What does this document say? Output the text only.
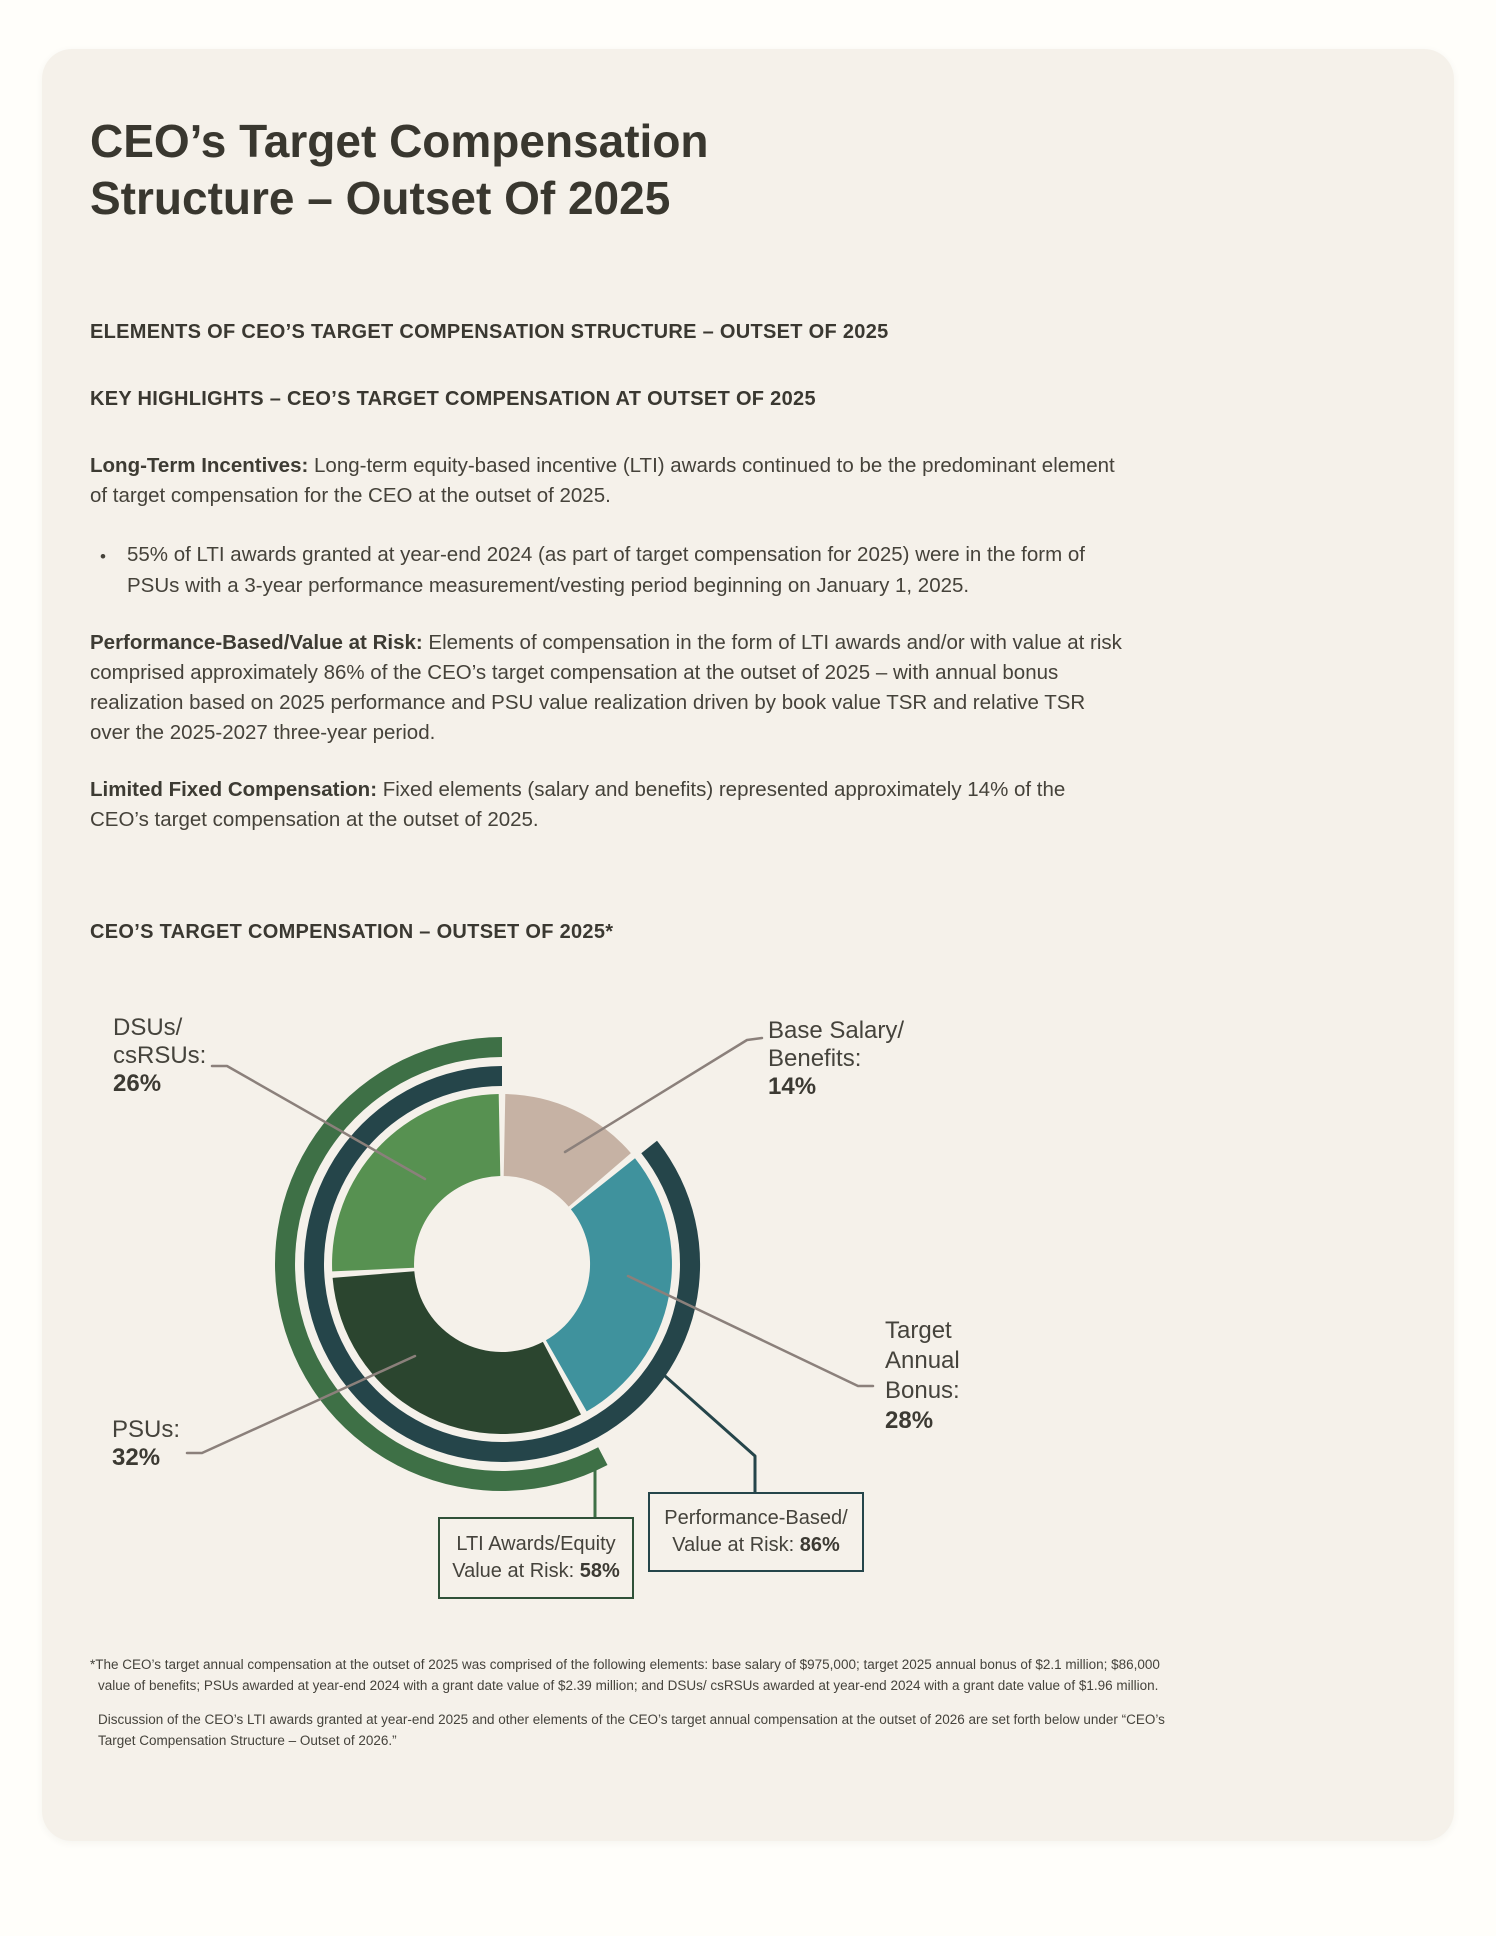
CEO’s Target Compensation Structure – Outset Of 2025
ELEMENTS OF CEO’S TARGET COMPENSATION STRUCTURE – OUTSET OF 2025
KEY HIGHLIGHTS – CEO’S TARGET COMPENSATION AT OUTSET OF 2025

Long-Term Incentives: Long-term equity-based incentive (LTI) awards continued to be the predominant element of target compensation for the CEO at the outset of 2025.

• 55% of LTI awards granted at year-end 2024 (as part of target compensation for 2025) were in the form of PSUs with a 3-year performance measurement/vesting period beginning on January 1, 2025.

Performance-Based/Value at Risk: Elements of compensation in the form of LTI awards and/or with value at risk comprised approximately 86% of the CEO’s target compensation at the outset of 2025 – with annual bonus realization based on 2025 performance and PSU value realization driven by book value TSR and relative TSR over the 2025-2027 three-year period.

Limited Fixed Compensation: Fixed elements (salary and benefits) represented approximately 14% of the CEO’s target compensation at the outset of 2025.

CEO’S TARGET COMPENSATION – OUTSET OF 2025*
DSUs/
csRSUs:
26%
Base Salary/
Benefits:
14%
Target
Annual
Bonus:
28%
PSUs:
32%
LTI Awards/Equity
Value at Risk: 58%
Performance-Based/
Value at Risk: 86%

*The CEO’s target annual compensation at the outset of 2025 was comprised of the following elements: base salary of $975,000; target 2025 annual bonus of $2.1 million; $86,000 value of benefits; PSUs awarded at year-end 2024 with a grant date value of $2.39 million; and DSUs/ csRSUs awarded at year-end 2024 with a grant date value of $1.96 million.

Discussion of the CEO’s LTI awards granted at year-end 2025 and other elements of the CEO’s target annual compensation at the outset of 2026 are set forth below under “CEO’s Target Compensation Structure – Outset of 2026.”
